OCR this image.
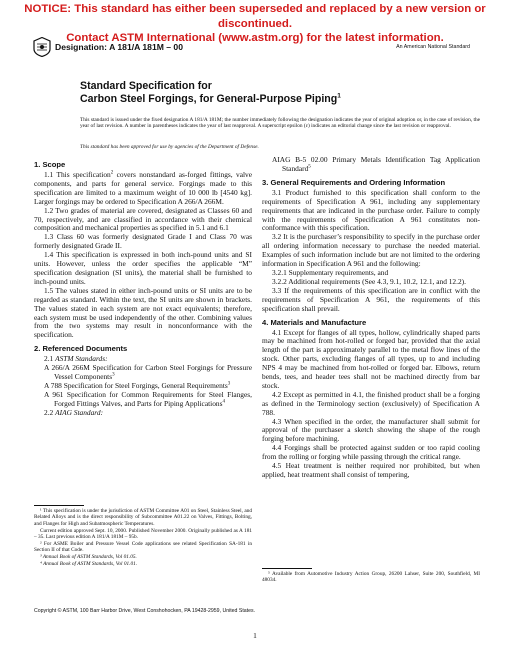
NOTICE: This standard has either been superseded and replaced by a new version or discontinued.
Contact ASTM International (www.astm.org) for the latest information.
Designation: A 181/A 181M – 00	An American National Standard
Standard Specification for
Carbon Steel Forgings, for General-Purpose Piping$^1$
This standard is issued under the fixed designation A 181/A 181M; the number immediately following the designation indicates the year of original adoption or, in the case of revision, the year of last revision. A number in parentheses indicates the year of last reapproval. A superscript epsilon (ε) indicates an editorial change since the last revision or reapproval.
This standard has been approved for use by agencies of the Department of Defense.
1. Scope

1.1 This specification$^2$ covers nonstandard as-forged fittings, valve components, and parts for general service. Forgings made to this specification are limited to a maximum weight of 10 000 lb [4540 kg]. Larger forgings may be ordered to Specification A 266/A 266M.

1.2 Two grades of material are covered, designated as Classes 60 and 70, respectively, and are classified in accordance with their chemical composition and mechanical properties as specified in 5.1 and 6.1

1.3 Class 60 was formerly designated Grade I and Class 70 was formerly designated Grade II.

1.4 This specification is expressed in both inch-pound units and SI units. However, unless the order specifies the applicable “M” specification designation (SI units), the material shall be furnished to inch-pound units.

1.5 The values stated in either inch-pound units or SI units are to be regarded as standard. Within the text, the SI units are shown in brackets. The values stated in each system are not exact equivalents; therefore, each system must be used independently of the other. Combining values from the two systems may result in nonconformance with the specification.

2. Referenced Documents

2.1 ASTM Standards:

A 266/A 266M Specification for Carbon Steel Forgings for Pressure Vessel Components$^3$

A 788 Specification for Steel Forgings, General Requirements$^3$

A 961 Specification for Common Requirements for Steel Flanges, Forged Fittings Valves, and Parts for Piping Applications$^4$

2.2 AIAG Standard:

AIAG B-5 02.00 Primary Metals Identification Tag Application Standard$^5$

3. General Requirements and Ordering Information

3.1 Product furnished to this specification shall conform to the requirements of Specification A 961, including any supplementary requirements that are indicated in the purchase order. Failure to comply with the requirements of Specification A 961 constitutes non-conformance with this specification.

3.2 It is the purchaser’s responsibility to specify in the purchase order all ordering information necessary to purchase the needed material. Examples of such information include but are not limited to the ordering information in Specification A 961 and the following:

3.2.1 Supplementary requirements, and

3.2.2 Additional requirements (See 4.3, 9.1, 10.2, 12.1, and 12.2).

3.3 If the requirements of this specification are in conflict with the requirements of Specification A 961, the requirements of this specification shall prevail.

4. Materials and Manufacture

4.1 Except for flanges of all types, hollow, cylindrically shaped parts may be machined from hot-rolled or forged bar, provided that the axial length of the part is approximately parallel to the metal flow lines of the stock. Other parts, excluding flanges of all types, up to and including NPS 4 may be machined from hot-rolled or forged bar. Elbows, return bends, tees, and header tees shall not be machined directly from bar stock.

4.2 Except as permitted in 4.1, the finished product shall be a forging as defined in the Terminology section (exclusively) of Specification A 788.

4.3 When specified in the order, the manufacturer shall submit for approval of the purchaser a sketch showing the shape of the rough forging before machining.

4.4 Forgings shall be protected against sudden or too rapid cooling from the rolling or forging while passing through the critical range.

4.5 Heat treatment is neither required nor prohibited, but when applied, heat treatment shall consist of tempering,

¹ This specification is under the jurisdiction of ASTM Committee A01 on Steel, Stainless Steel, and Related Alloys and is the direct responsibility of Subcommittee A01.22 on Valves, Fittings, Bolting, and Flanges for High and Subatmospheric Temperatures.

Current edition approved Sept. 10, 2000. Published November 2000. Originally published as A 181 – 35. Last previous edition A 181/A 181M – 95b.

² For ASME Boiler and Pressure Vessel Code applications see related Specification SA-181 in Section II of that Code.

³ Annual Book of ASTM Standards, Vol 01.05.

⁴ Annual Book of ASTM Standards, Vol 01.01.

⁵ Available from Automotive Industry Action Group, 26200 Lahser, Suite 200, Southfield, MI 48034.

Copyright © ASTM, 100 Barr Harbor Drive, West Conshohocken, PA 19428-2959, United States.
1
